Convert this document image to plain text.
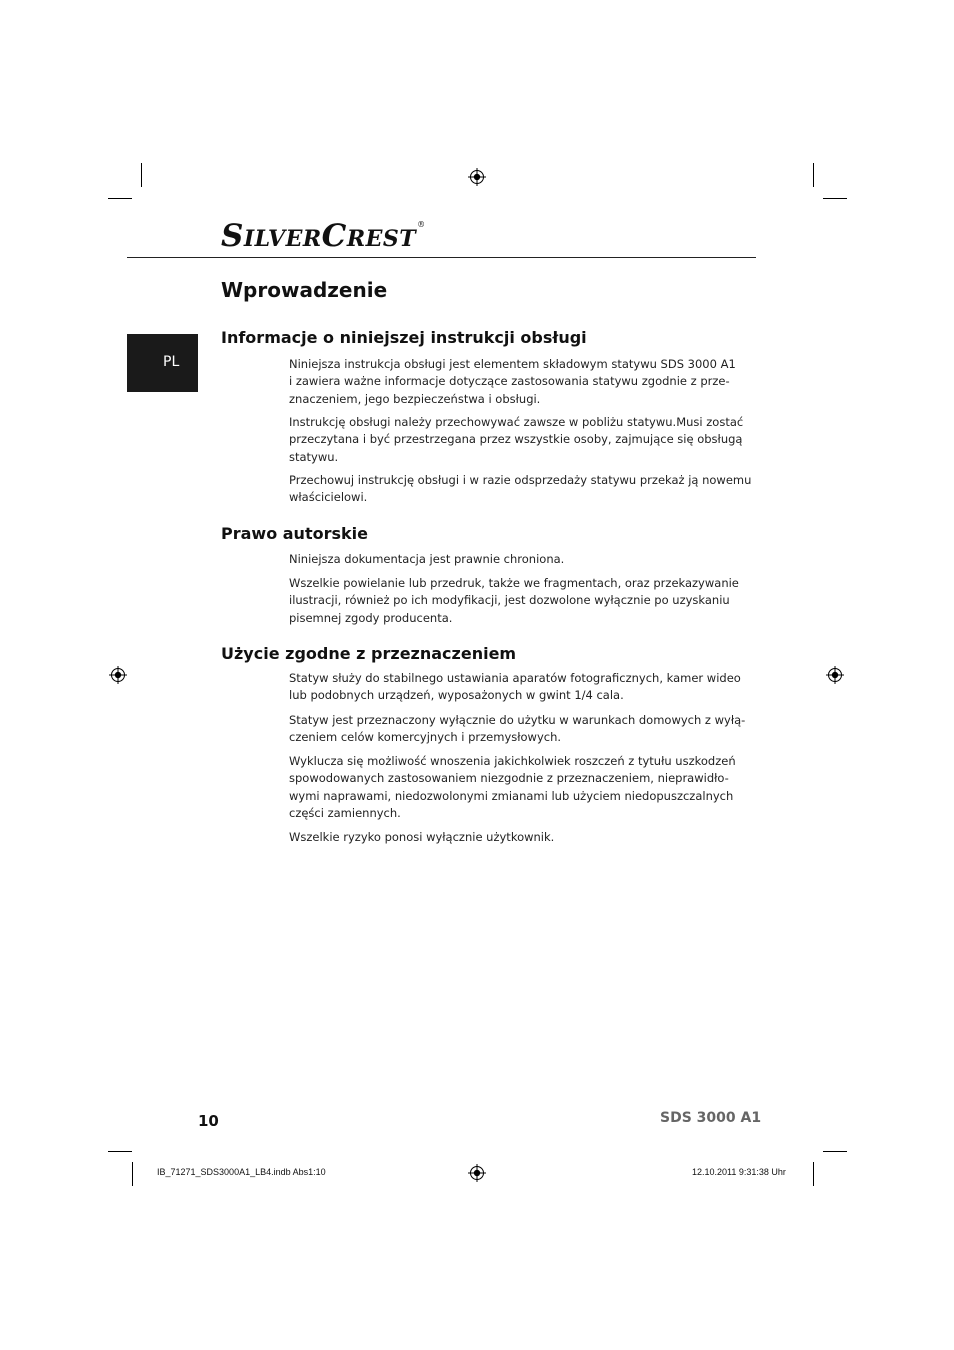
SILVERCREST®
PL
Wprowadzenie
Informacje o niniejszej instrukcji obsługi
Prawo autorskie
Użycie zgodne z przeznaczeniem

Niniejsza instrukcja obsługi jest elementem składowym statywu SDS 3000 A1
i zawiera ważne informacje dotyczące zastosowania statywu zgodnie z prze-
znaczeniem, jego bezpieczeństwa i obsługi.

Instrukcję obsługi należy przechowywać zawsze w pobliżu statywu.Musi zostać
przeczytana i być przestrzegana przez wszystkie osoby, zajmujące się obsługą
statywu.

Przechowuj instrukcję obsługi i w razie odsprzedaży statywu przekaż ją nowemu
właścicielowi.

Niniejsza dokumentacja jest prawnie chroniona.

Wszelkie powielanie lub przedruk, także we fragmentach, oraz przekazywanie
ilustracji, również po ich modyfikacji, jest dozwolone wyłącznie po uzyskaniu
pisemnej zgody producenta.

Statyw służy do stabilnego ustawiania aparatów fotograficznych, kamer wideo
lub podobnych urządzeń, wyposażonych w gwint 1/4 cala.

Statyw jest przeznaczony wyłącznie do użytku w warunkach domowych z wyłą-
czeniem celów komercyjnych i przemysłowych.

Wyklucza się możliwość wnoszenia jakichkolwiek roszczeń z tytułu uszkodzeń
spowodowanych zastosowaniem niezgodnie z przeznaczeniem, nieprawidło-
wymi naprawami, niedozwolonymi zmianami lub użyciem niedopuszczalnych
części zamiennych.

Wszelkie ryzyko ponosi wyłącznie użytkownik.

10	SDS 3000 A1
IB_71271_SDS3000A1_LB4.indb Abs1:10	12.10.2011 9:31:38 Uhr
